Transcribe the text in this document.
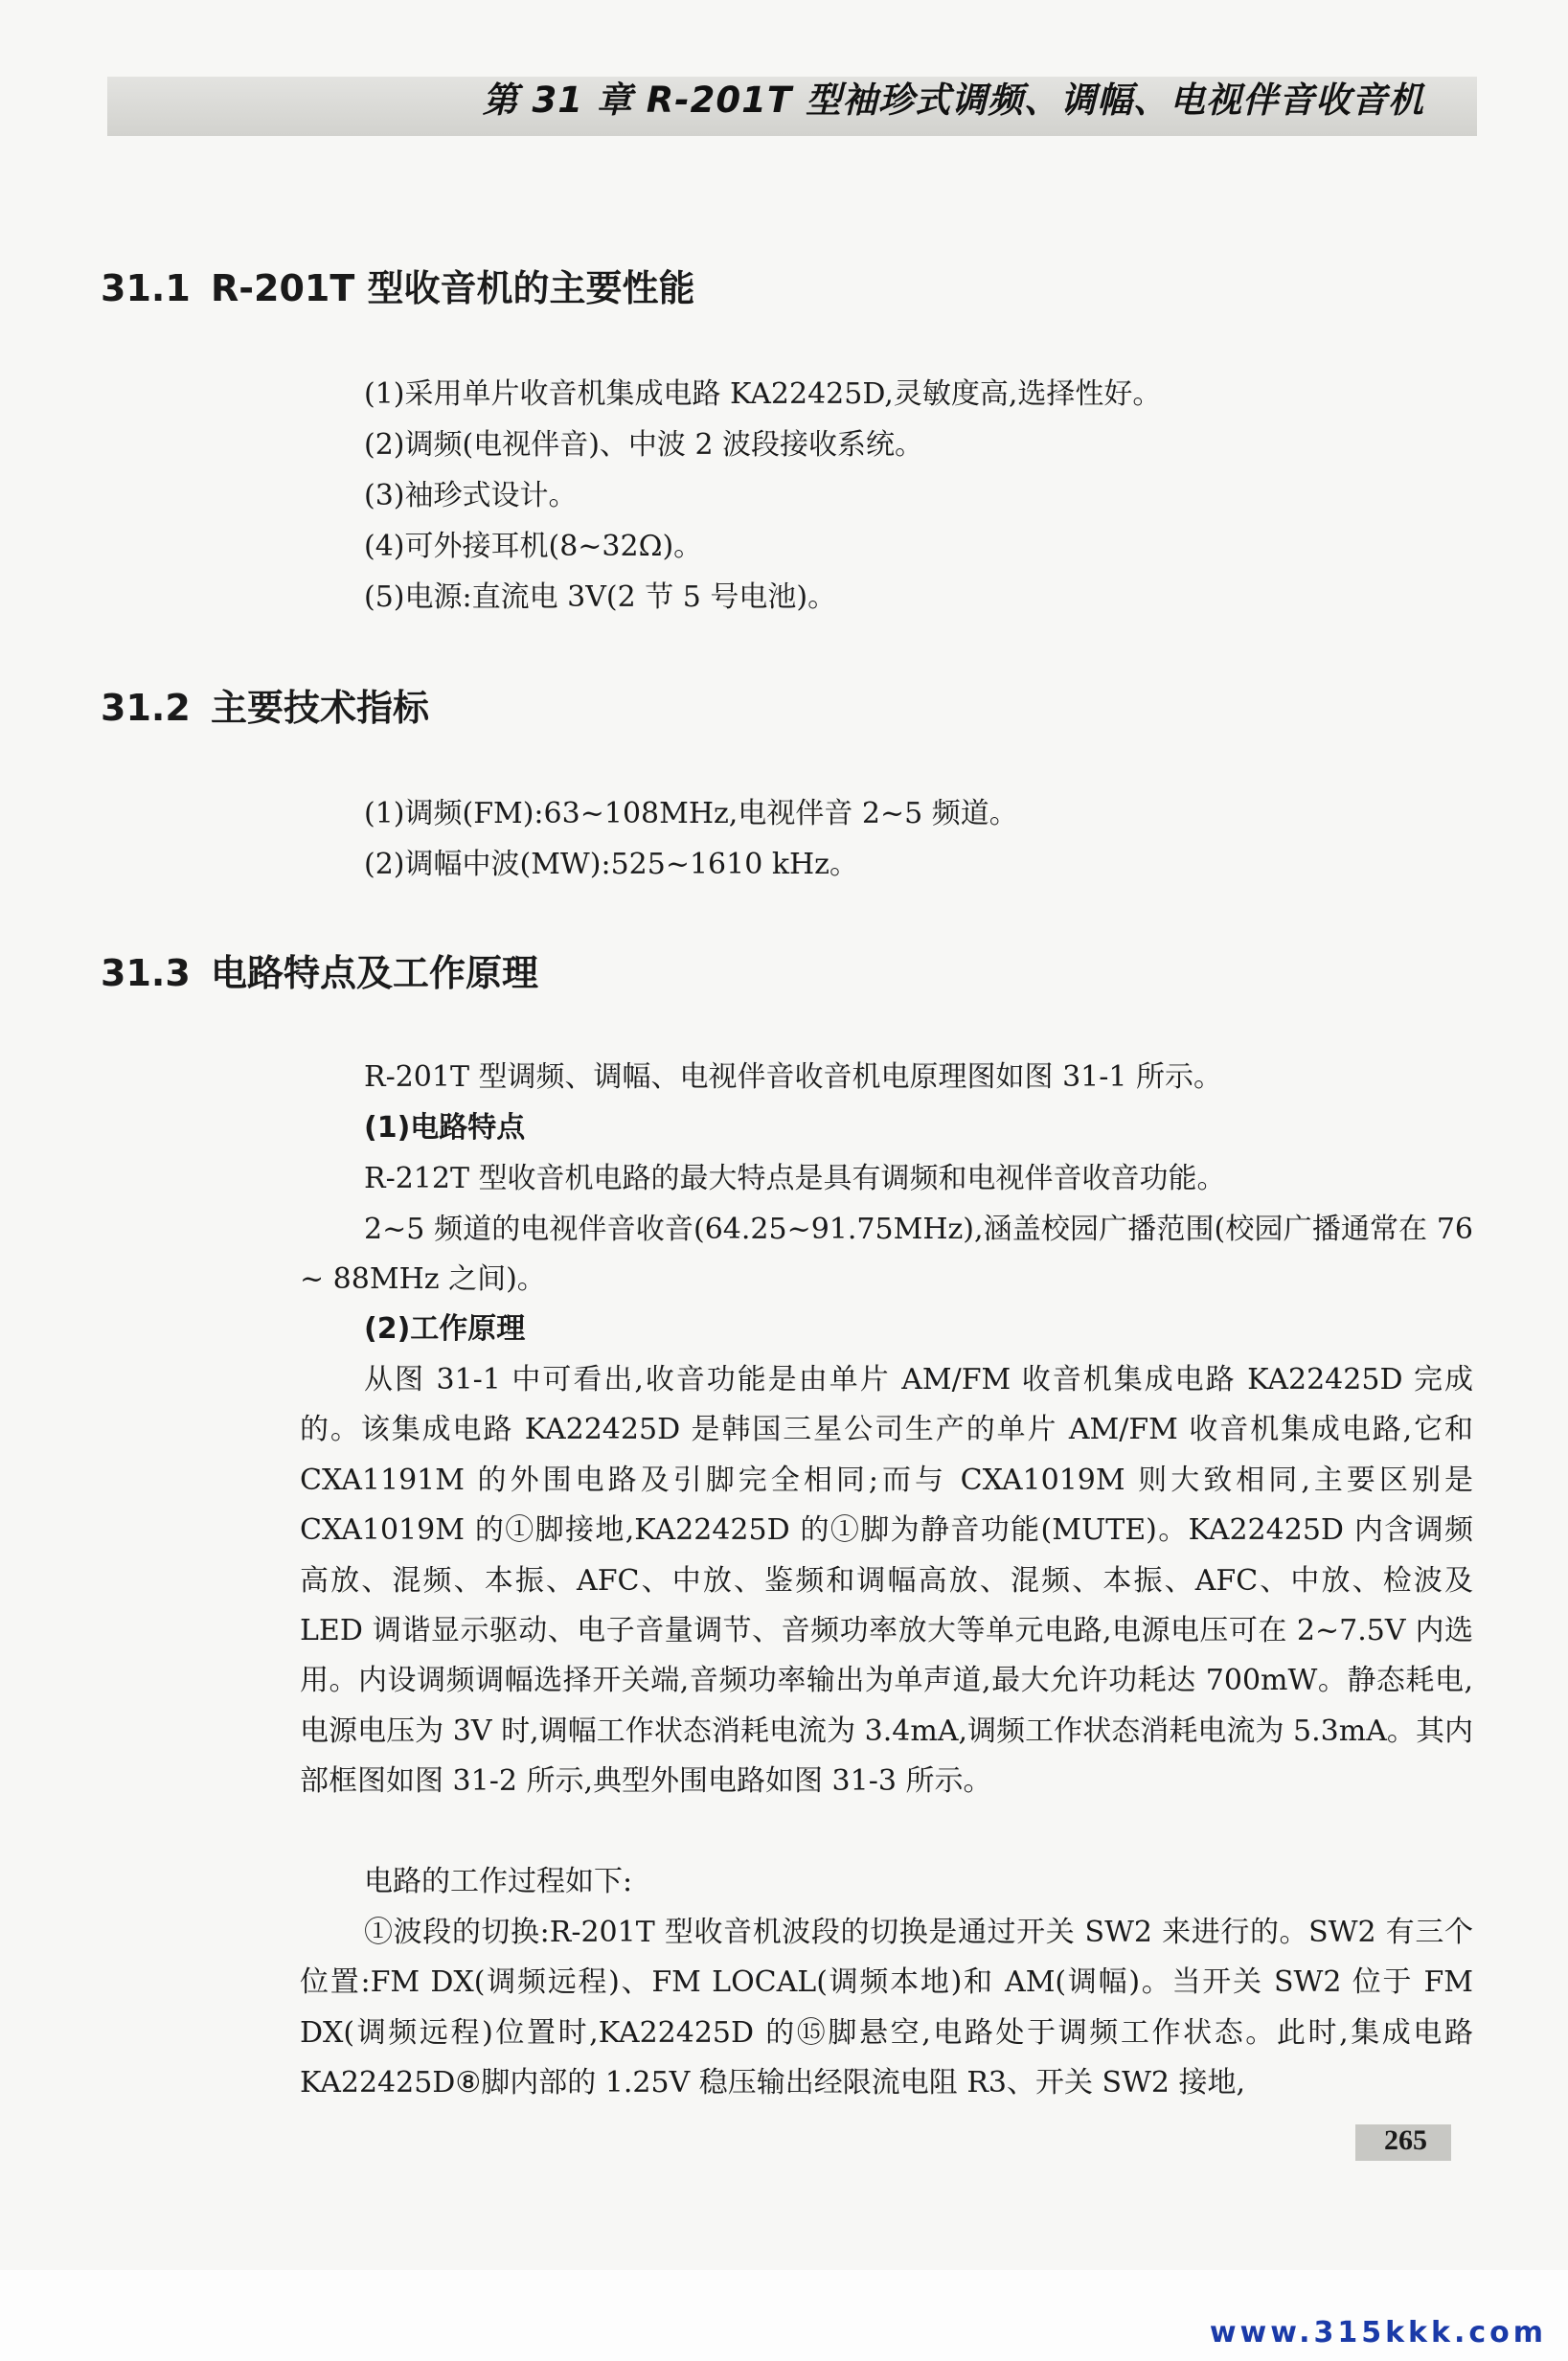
第 31 章 R-201T 型袖珍式调频、调幅、电视伴音收音机
31.1 R-201T 型收音机的主要性能
(1)采用单片收音机集成电路 KA22425D,灵敏度高,选择性好。
(2)调频(电视伴音)、中波 2 波段接收系统。
(3)袖珍式设计。
(4)可外接耳机(8~32Ω)。
(5)电源:直流电 3V(2 节 5 号电池)。
31.2 主要技术指标
(1)调频(FM):63~108MHz,电视伴音 2~5 频道。
(2)调幅中波(MW):525~1610 kHz。
31.3 电路特点及工作原理
R-201T 型调频、调幅、电视伴音收音机电原理图如图 31-1 所示。
(1)电路特点
R-212T 型收音机电路的最大特点是具有调频和电视伴音收音功能。
2~5 频道的电视伴音收音(64.25~91.75MHz),涵盖校园广播范围(校园广播通常在 76 ~ 88MHz 之间)。
(2)工作原理
从图 31-1 中可看出,收音功能是由单片 AM/FM 收音机集成电路 KA22425D 完成的。该集成电路 KA22425D 是韩国三星公司生产的单片 AM/FM 收音机集成电路,它和 CXA1191M 的外围电路及引脚完全相同;而与 CXA1019M 则大致相同,主要区别是 CXA1019M 的①脚接地,KA22425D 的①脚为静音功能(MUTE)。KA22425D 内含调频高放、混频、本振、AFC、中放、鉴频和调幅高放、混频、本振、AFC、中放、检波及 LED 调谐显示驱动、电子音量调节、音频功率放大等单元电路,电源电压可在 2~7.5V 内选用。内设调频调幅选择开关端,音频功率输出为单声道,最大允许功耗达 700mW。静态耗电,电源电压为 3V 时,调幅工作状态消耗电流为 3.4mA,调频工作状态消耗电流为 5.3mA。其内部框图如图 31-2 所示,典型外围电路如图 31-3 所示。
电路的工作过程如下:
①波段的切换:R-201T 型收音机波段的切换是通过开关 SW2 来进行的。SW2 有三个位置:FM DX(调频远程)、FM LOCAL(调频本地)和 AM(调幅)。当开关 SW2 位于 FM DX(调频远程)位置时,KA22425D 的⑮脚悬空,电路处于调频工作状态。此时,集成电路 KA22425D⑧脚内部的 1.25V 稳压输出经限流电阻 R3、开关 SW2 接地,
265
www.315kkk.com
